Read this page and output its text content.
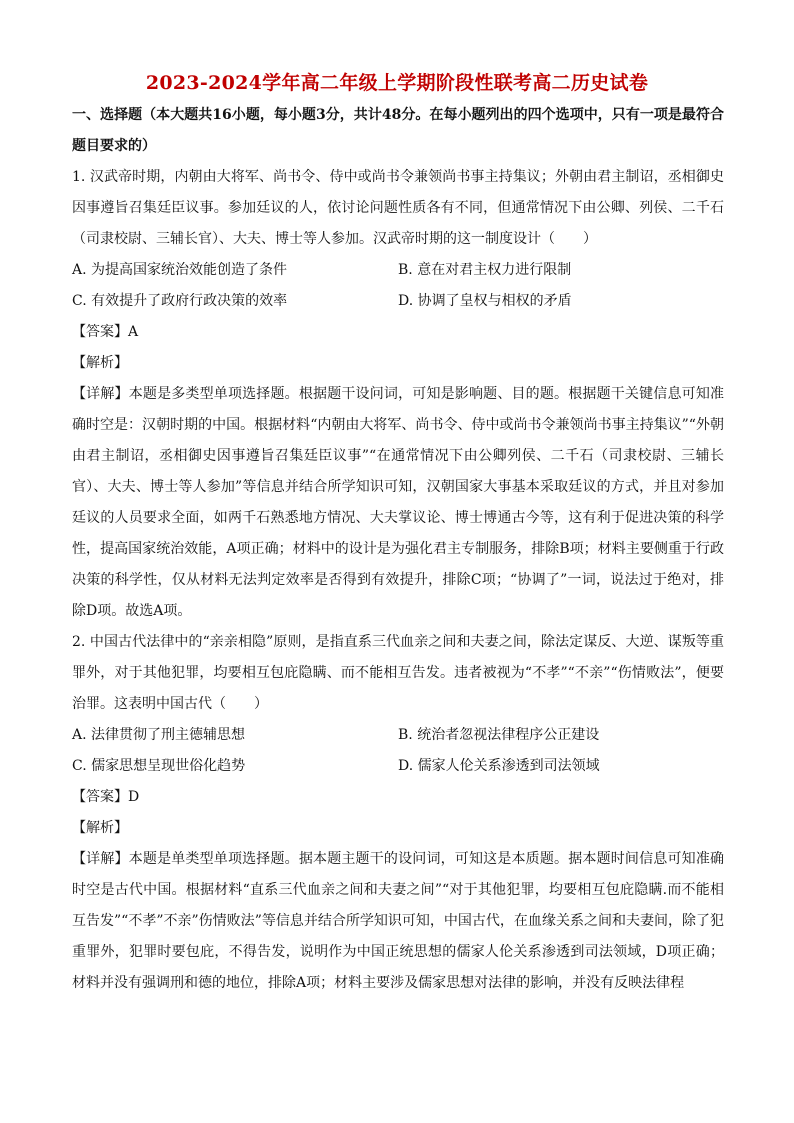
2023-2024学年高二年级上学期阶段性联考高二历史试卷

一、选择题（本大题共16小题，每小题3分，共计48分。在每小题列出的四个选项中，只有一项是最符合题目要求的）

1. 汉武帝时期，内朝由大将军、尚书令、侍中或尚书令兼领尚书事主持集议；外朝由君主制诏，丞相御史因事遵旨召集廷臣议事。参加廷议的人，依讨论问题性质各有不同，但通常情况下由公卿、列侯、二千石（司隶校尉、三辅长官）、大夫、博士等人参加。汉武帝时期的这一制度设计（　　）

A. 为提高国家统治效能创造了条件	B. 意在对君主权力进行限制
C. 有效提升了政府行政决策的效率	D. 协调了皇权与相权的矛盾

【答案】A

【解析】

【详解】本题是多类型单项选择题。根据题干设问词，可知是影响题、目的题。根据题干关键信息可知准确时空是：汉朝时期的中国。根据材料“内朝由大将军、尚书令、侍中或尚书令兼领尚书事主持集议”“外朝由君主制诏，丞相御史因事遵旨召集廷臣议事”“在通常情况下由公卿列侯、二千石（司隶校尉、三辅长官）、大夫、博士等人参加”等信息并结合所学知识可知，汉朝国家大事基本采取廷议的方式，并且对参加廷议的人员要求全面，如两千石熟悉地方情况、大夫掌议论、博士博通古今等，这有利于促进决策的科学性，提高国家统治效能，A项正确；材料中的设计是为强化君主专制服务，排除B项；材料主要侧重于行政决策的科学性，仅从材料无法判定效率是否得到有效提升，排除C项；“协调了”一词，说法过于绝对，排除D项。故选A项。

2. 中国古代法律中的“亲亲相隐”原则，是指直系三代血亲之间和夫妻之间，除法定谋反、大逆、谋叛等重罪外，对于其他犯罪，均要相互包庇隐瞒、而不能相互告发。违者被视为“不孝”“不亲”“伤情败法”，便要治罪。这表明中国古代（　　）

A. 法律贯彻了刑主德辅思想	B. 统治者忽视法律程序公正建设
C. 儒家思想呈现世俗化趋势	D. 儒家人伦关系渗透到司法领域

【答案】D

【解析】

【详解】本题是单类型单项选择题。据本题主题干的设问词，可知这是本质题。据本题时间信息可知准确时空是古代中国。根据材料“直系三代血亲之间和夫妻之间”“对于其他犯罪，均要相互包庇隐瞒.而不能相互告发”“不孝”不亲”伤情败法”等信息并结合所学知识可知，中国古代，在血缘关系之间和夫妻间，除了犯重罪外，犯罪时要包庇，不得告发，说明作为中国正统思想的儒家人伦关系渗透到司法领域，D项正确；材料并没有强调刑和德的地位，排除A项；材料主要涉及儒家思想对法律的影响，并没有反映法律程
